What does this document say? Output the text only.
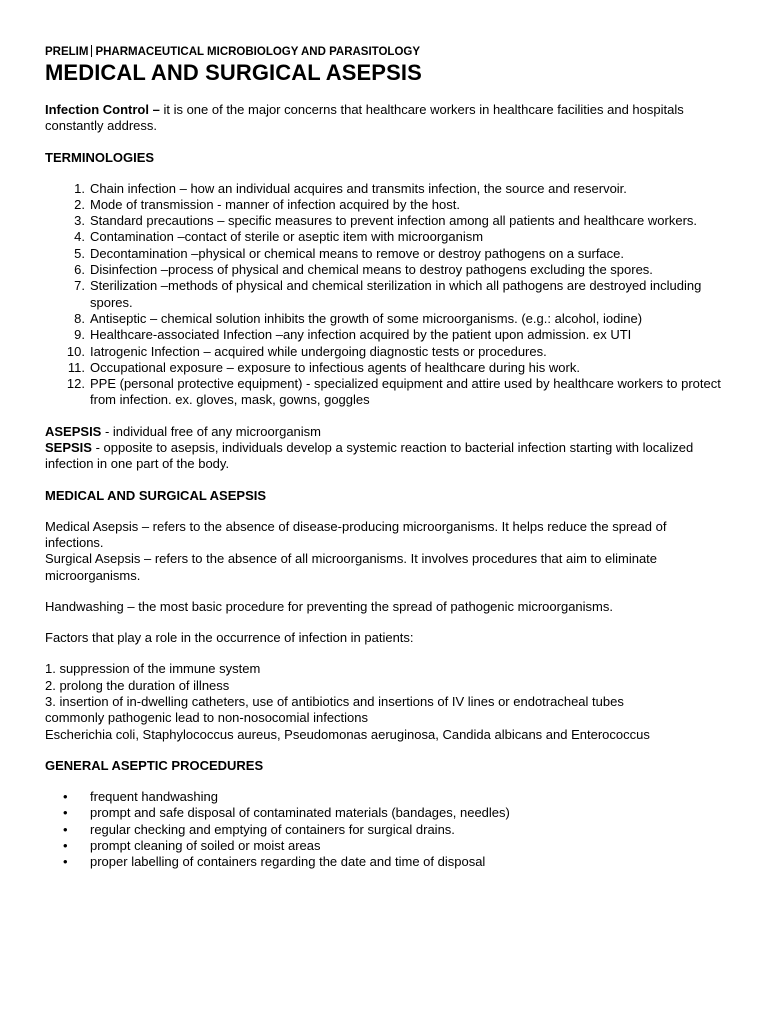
PRELIM PHARMACEUTICAL MICROBIOLOGY AND PARASITOLOGY
MEDICAL AND SURGICAL ASEPSIS

Infection Control – it is one of the major concerns that healthcare workers in healthcare facilities and hospitals constantly address.

TERMINOLOGIES

1. Chain infection – how an individual acquires and transmits infection, the source and reservoir.
2. Mode of transmission - manner of infection acquired by the host.
3. Standard precautions – specific measures to prevent infection among all patients and healthcare workers.
4. Contamination –contact of sterile or aseptic item with microorganism
5. Decontamination –physical or chemical means to remove or destroy pathogens on a surface.
6. Disinfection –process of physical and chemical means to destroy pathogens excluding the spores.
7. Sterilization –methods of physical and chemical sterilization in which all pathogens are destroyed including spores.
8. Antiseptic – chemical solution inhibits the growth of some microorganisms. (e.g.: alcohol, iodine)
9. Healthcare-associated Infection –any infection acquired by the patient upon admission. ex UTI
10. Iatrogenic Infection – acquired while undergoing diagnostic tests or procedures.
11. Occupational exposure – exposure to infectious agents of healthcare during his work.
12. PPE (personal protective equipment) - specialized equipment and attire used by healthcare workers to protect from infection. ex. gloves, mask, gowns, goggles

ASEPSIS - individual free of any microorganism

SEPSIS - opposite to asepsis, individuals develop a systemic reaction to bacterial infection starting with localized infection in one part of the body.

MEDICAL AND SURGICAL ASEPSIS

Medical Asepsis – refers to the absence of disease-producing microorganisms. It helps reduce the spread of infections.

Surgical Asepsis – refers to the absence of all microorganisms. It involves procedures that aim to eliminate microorganisms.

Handwashing – the most basic procedure for preventing the spread of pathogenic microorganisms.

Factors that play a role in the occurrence of infection in patients:

1. suppression of the immune system

2. prolong the duration of illness

3. insertion of in-dwelling catheters, use of antibiotics and insertions of IV lines or endotracheal tubes

commonly pathogenic lead to non-nosocomial infections

Escherichia coli, Staphylococcus aureus, Pseudomonas aeruginosa, Candida albicans and Enterococcus

GENERAL ASEPTIC PROCEDURES

• frequent handwashing
• prompt and safe disposal of contaminated materials (bandages, needles)
• regular checking and emptying of containers for surgical drains.
• prompt cleaning of soiled or moist areas
• proper labelling of containers regarding the date and time of disposal
